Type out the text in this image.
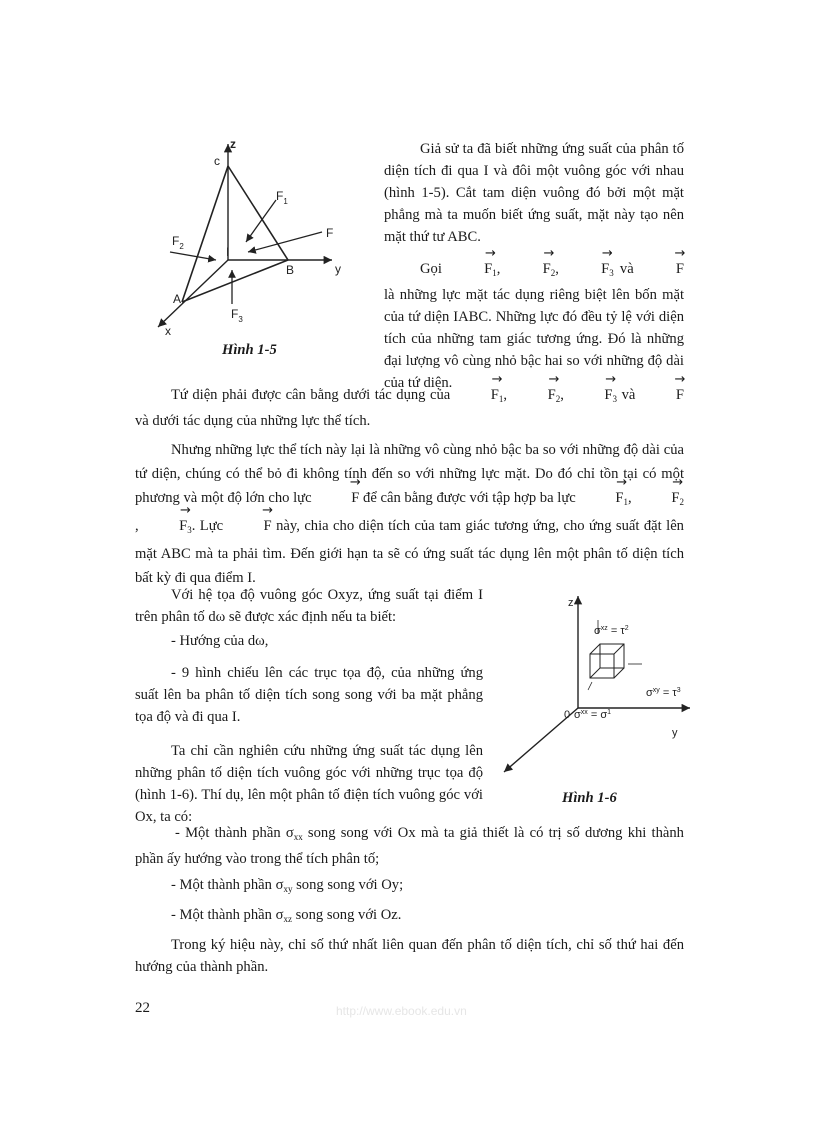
z
c
$F_1$
F
$F_2$	I
B	y
A
$F_3$
x
Hình 1-5

Giả sử ta đã biết những ứng suất của phân tố diện tích đi qua I và đôi một vuông góc với nhau (hình 1-5). Cắt tam diện vuông đó bởi một mặt phẳng mà ta muốn biết ứng suất, mặt này tạo nên mặt thứ tư ABC.

Gọi	→ $F_1$,	→ $F_2$,	→ $F_3$ và	→ F là những lực mặt tác dụng riêng biệt lên bốn mặt của tứ diện IABC. Những lực đó đều tỷ lệ với diện tích của những tam giác tương ứng. Đó là những đại lượng vô cùng nhỏ bậc hai so với những độ dài của tứ diện.

Tứ diện phải được cân bằng dưới tác dụng của	→ $F_1$,	→ $F_2$,	→ $F_3$ và	→ F và dưới tác dụng của những lực thể tích.

Nhưng những lực thể tích này lại là những vô cùng nhỏ bậc ba so với những độ dài của tứ diện, chúng có thể bỏ đi không tính đến so với những lực mặt. Do đó chỉ tồn tại có một phương và một độ lớn cho lực	→ F để cân bằng được với tập hợp ba lực	→ $F_1$,	→ $F_2$,	→ $F_3$. Lực	→ F này, chia cho diện tích của tam giác tương ứng, cho ứng suất đặt lên mặt ABC mà ta phải tìm. Đến giới hạn ta sẽ có ứng suất tác dụng lên một phân tố diện tích bất kỳ đi qua điểm I.

Với hệ tọa độ vuông góc Oxyz, ứng suất tại điểm I trên phân tố dω sẽ được xác định nếu ta biết:

- Hướng của dω,

- 9 hình chiếu lên các trục tọa độ, của những ứng suất lên ba phân tố diện tích song song với ba mặt phẳng tọa độ và đi qua I.

Ta chỉ cần nghiên cứu những ứng suất tác dụng lên những phân tố diện tích vuông góc với những trục tọa độ (hình 1-6). Thí dụ, lên một phân tố điện tích vuông góc với Ox, ta có:

z
$\sigma^{xz} = \tau^2$
$\sigma^{xy} = \tau^3$
0 $\sigma^{xx} = \sigma^1$
y
Hình 1-6

- Một thành phần $\sigma_{xx}$ song song với Ox mà ta giả thiết là có trị số dương khi thành phần ấy hướng vào trong thể tích phân tố;

- Một thành phần $\sigma_{xy}$ song song với Oy;

- Một thành phần $\sigma_{xz}$ song song với Oz.

Trong ký hiệu này, chỉ số thứ nhất liên quan đến phân tố diện tích, chỉ số thứ hai đến hướng của thành phần.

22	http://www.ebook.edu.vn
